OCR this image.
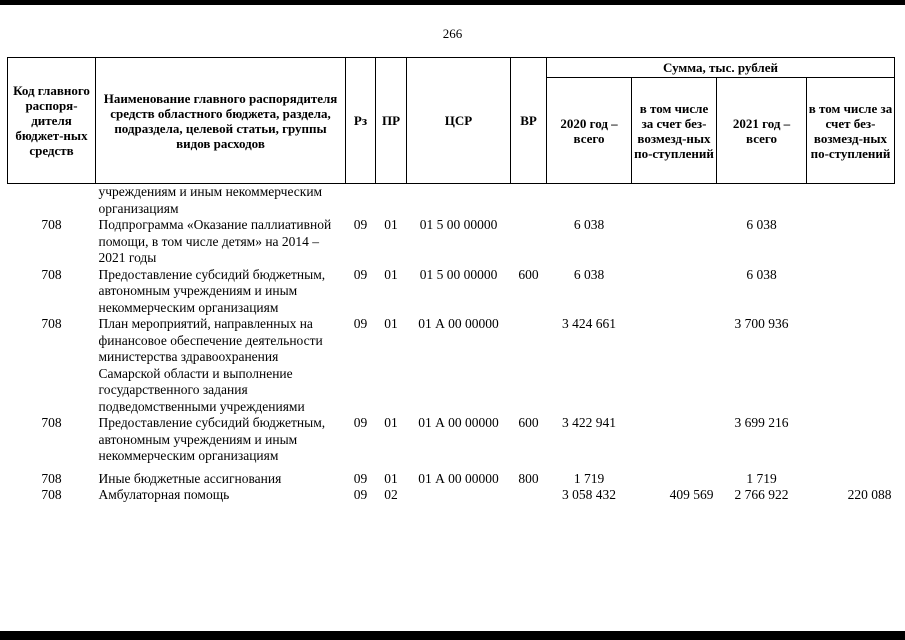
266
Код главного распоря-дителя бюджет-ных средств	Наименование главного распорядителя средств областного бюджета, раздела, подраздела, целевой статьи, группы видов расходов	Рз	ПР	ЦСР	ВР	Сумма, тыс. рублей			
						2020 год – всего	в том числе за счет без-возмезд-ных по-ступлений	2021 год – всего	в том числе за счет без-возмезд-ных по-ступлений
	учреждениям и иным некоммерческим организациям								
708	Подпрограмма «Оказание паллиативной помощи, в том числе детям» на 2014 – 2021 годы	09	01	01 5 00 00000		6 038		6 038	
708	Предоставление субсидий бюджетным, автономным учреждениям и иным некоммерческим организациям	09	01	01 5 00 00000	600	6 038		6 038	
708	План мероприятий, направленных на финансовое обеспечение деятельности министерства здравоохранения Самарской области и выполнение государственного задания подведомственными учреждениями	09	01	01 А 00 00000		3 424 661		3 700 936	
708	Предоставление субсидий бюджетным, автономным учреждениям и иным некоммерческим организациям	09	01	01 А 00 00000	600	3 422 941		3 699 216	

708	Иные бюджетные ассигнования	09	01	01 А 00 00000	800	1 719		1 719	
708	Амбулаторная помощь	09	02			3 058 432	409 569	2 766 922	220 088
